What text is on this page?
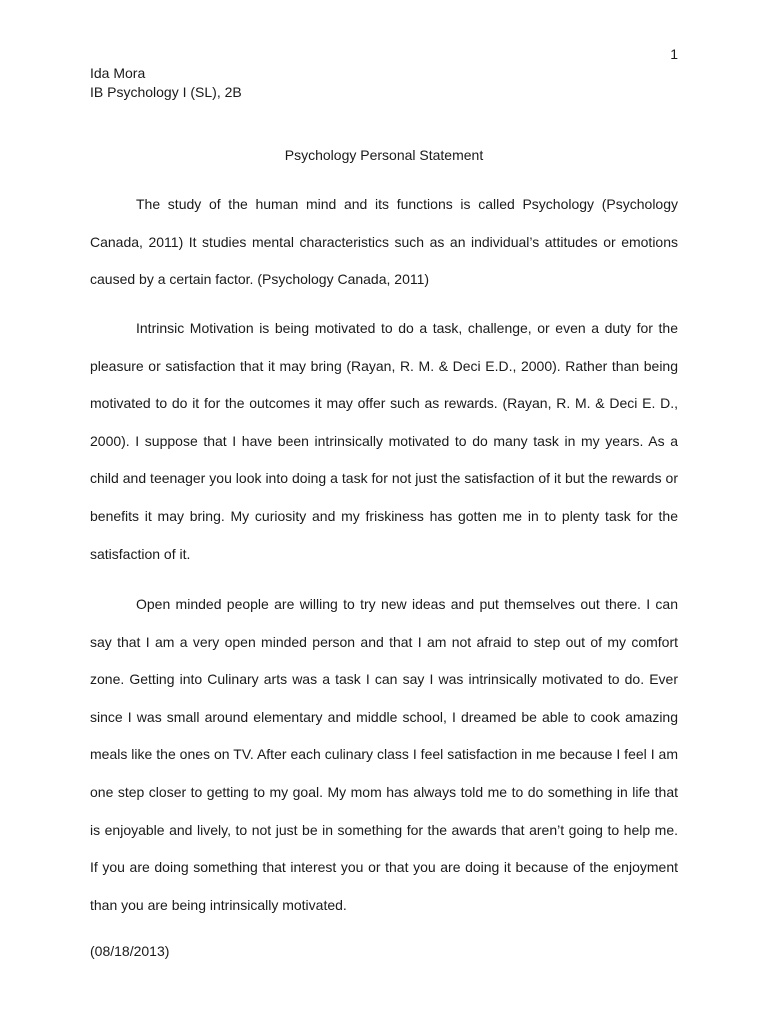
1
Ida Mora
IB Psychology I (SL), 2B
Psychology Personal Statement

The study of the human mind and its functions is called Psychology (Psychology Canada, 2011) It studies mental characteristics such as an individual’s attitudes or emotions caused by a certain factor. (Psychology Canada, 2011)

Intrinsic Motivation is being motivated to do a task, challenge, or even a duty for the pleasure or satisfaction that it may bring (Rayan, R. M. & Deci E.D., 2000). Rather than being motivated to do it for the outcomes it may offer such as rewards. (Rayan, R. M. & Deci E. D., 2000). I suppose that I have been intrinsically motivated to do many task in my years. As a child and teenager you look into doing a task for not just the satisfaction of it but the rewards or benefits it may bring. My curiosity and my friskiness has gotten me in to plenty task for the satisfaction of it.

Open minded people are willing to try new ideas and put themselves out there. I can say that I am a very open minded person and that I am not afraid to step out of my comfort zone. Getting into Culinary arts was a task I can say I was intrinsically motivated to do. Ever since I was small around elementary and middle school, I dreamed be able to cook amazing meals like the ones on TV. After each culinary class I feel satisfaction in me because I feel I am one step closer to getting to my goal. My mom has always told me to do something in life that is enjoyable and lively, to not just be in something for the awards that aren’t going to help me. If you are doing something that interest you or that you are doing it because of the enjoyment than you are being intrinsically motivated.

(08/18/2013)
